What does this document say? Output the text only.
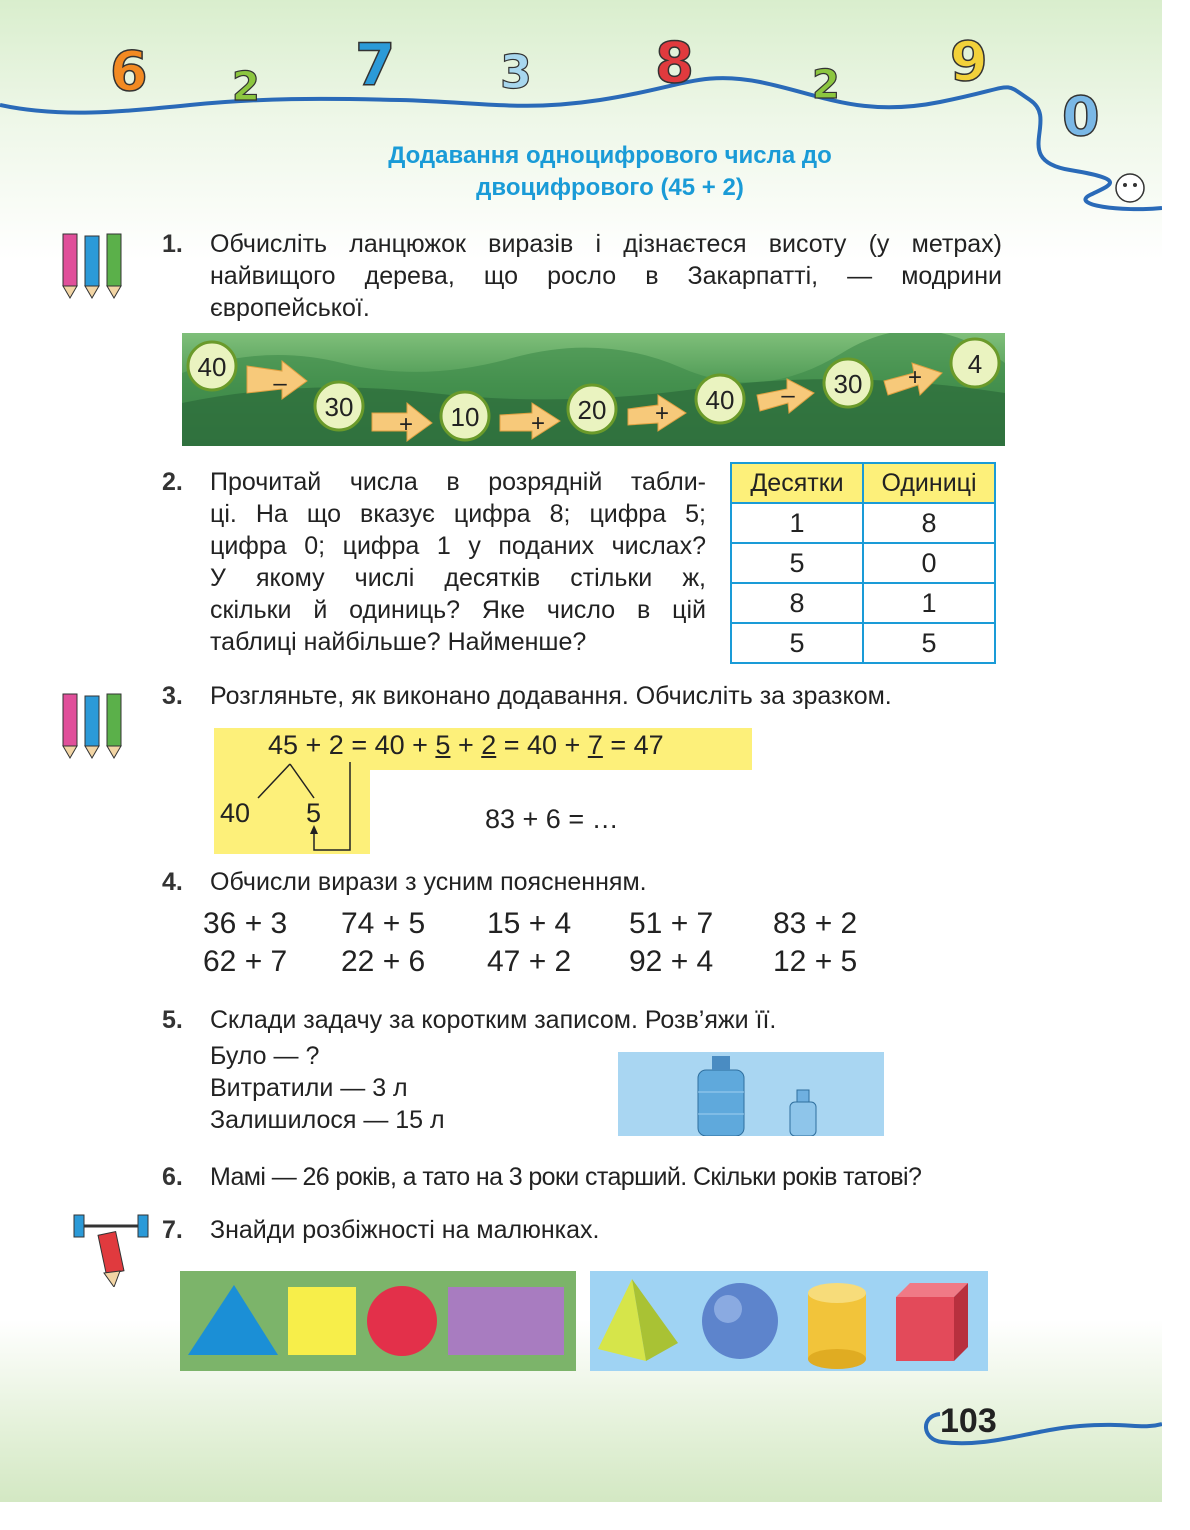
6 2 7 3 8	2 9
0
Додавання одноцифрового числа до
двоцифрового (45 + 2)
1. Обчисліть ланцюжок виразів і дізнаєтеся висоту (у метрах) найвищого дерева, що росло в Закарпатті, — модрини європейської.
40
–
30
+ 10 + 20 + 40 – 30 + 4
2. Прочитай числа в розрядній табли-
ці. На що вказує цифра 8; цифра 5;
цифра 0; цифра 1 у поданих числах?
У якому числі десятків стільки ж,
скільки й одиниць? Яке число в цій
таблиці найбільше? Найменше?
Десятки	Одиниці
1	8
5	0
8	1
5	5
3. Розгляньте, як виконано додавання. Обчисліть за зразком.
45 + 2 = 40 + 5 + 2 = 40 + 7 = 47
40 5	83 + 6 = …
4. Обчисли вирази з усним поясненням.
36 + 3 74 + 5 15 + 4 51 + 7 83 + 2
62 + 7 22 + 6 47 + 2 92 + 4 12 + 5
5. Склади задачу за коротким записом. Розв’яжи її.
Було — ?
Витратили — 3 л
Залишилося — 15 л
6. Мамі — 26 років, а тато на 3 роки старший. Скільки років татові?
7. Знайди розбіжності на малюнках.
103
